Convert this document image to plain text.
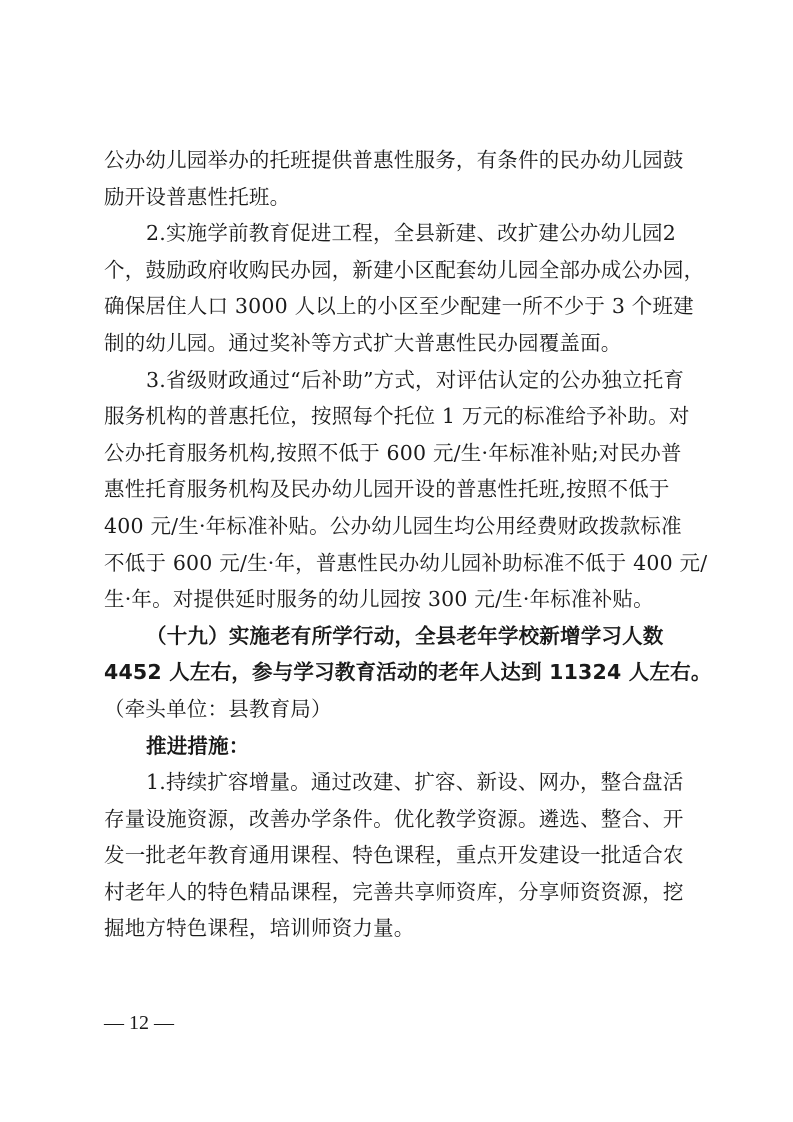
公办幼儿园举办的托班提供普惠性服务，有条件的民办幼儿园鼓
励开设普惠性托班。
2.实施学前教育促进工程，全县新建、改扩建公办幼儿园2
个，鼓励政府收购民办园，新建小区配套幼儿园全部办成公办园，
确保居住人口 3000 人以上的小区至少配建一所不少于 3 个班建
制的幼儿园。通过奖补等方式扩大普惠性民办园覆盖面。
3.省级财政通过“后补助”方式，对评估认定的公办独立托育
服务机构的普惠托位，按照每个托位 1 万元的标准给予补助。对
公办托育服务机构,按照不低于 600 元/生·年标准补贴;对民办普
惠性托育服务机构及民办幼儿园开设的普惠性托班,按照不低于
400 元/生·年标准补贴。公办幼儿园生均公用经费财政拨款标准
不低于 600 元/生·年，普惠性民办幼儿园补助标准不低于 400 元/
生·年。对提供延时服务的幼儿园按 300 元/生·年标准补贴。
（十九）实施老有所学行动，全县老年学校新增学习人数
4452 人左右，参与学习教育活动的老年人达到 11324 人左右。
（牵头单位：县教育局）
推进措施：
1.持续扩容增量。通过改建、扩容、新设、网办，整合盘活
存量设施资源，改善办学条件。优化教学资源。遴选、整合、开
发一批老年教育通用课程、特色课程，重点开发建设一批适合农
村老年人的特色精品课程，完善共享师资库，分享师资资源，挖
掘地方特色课程，培训师资力量。
— 12 —
